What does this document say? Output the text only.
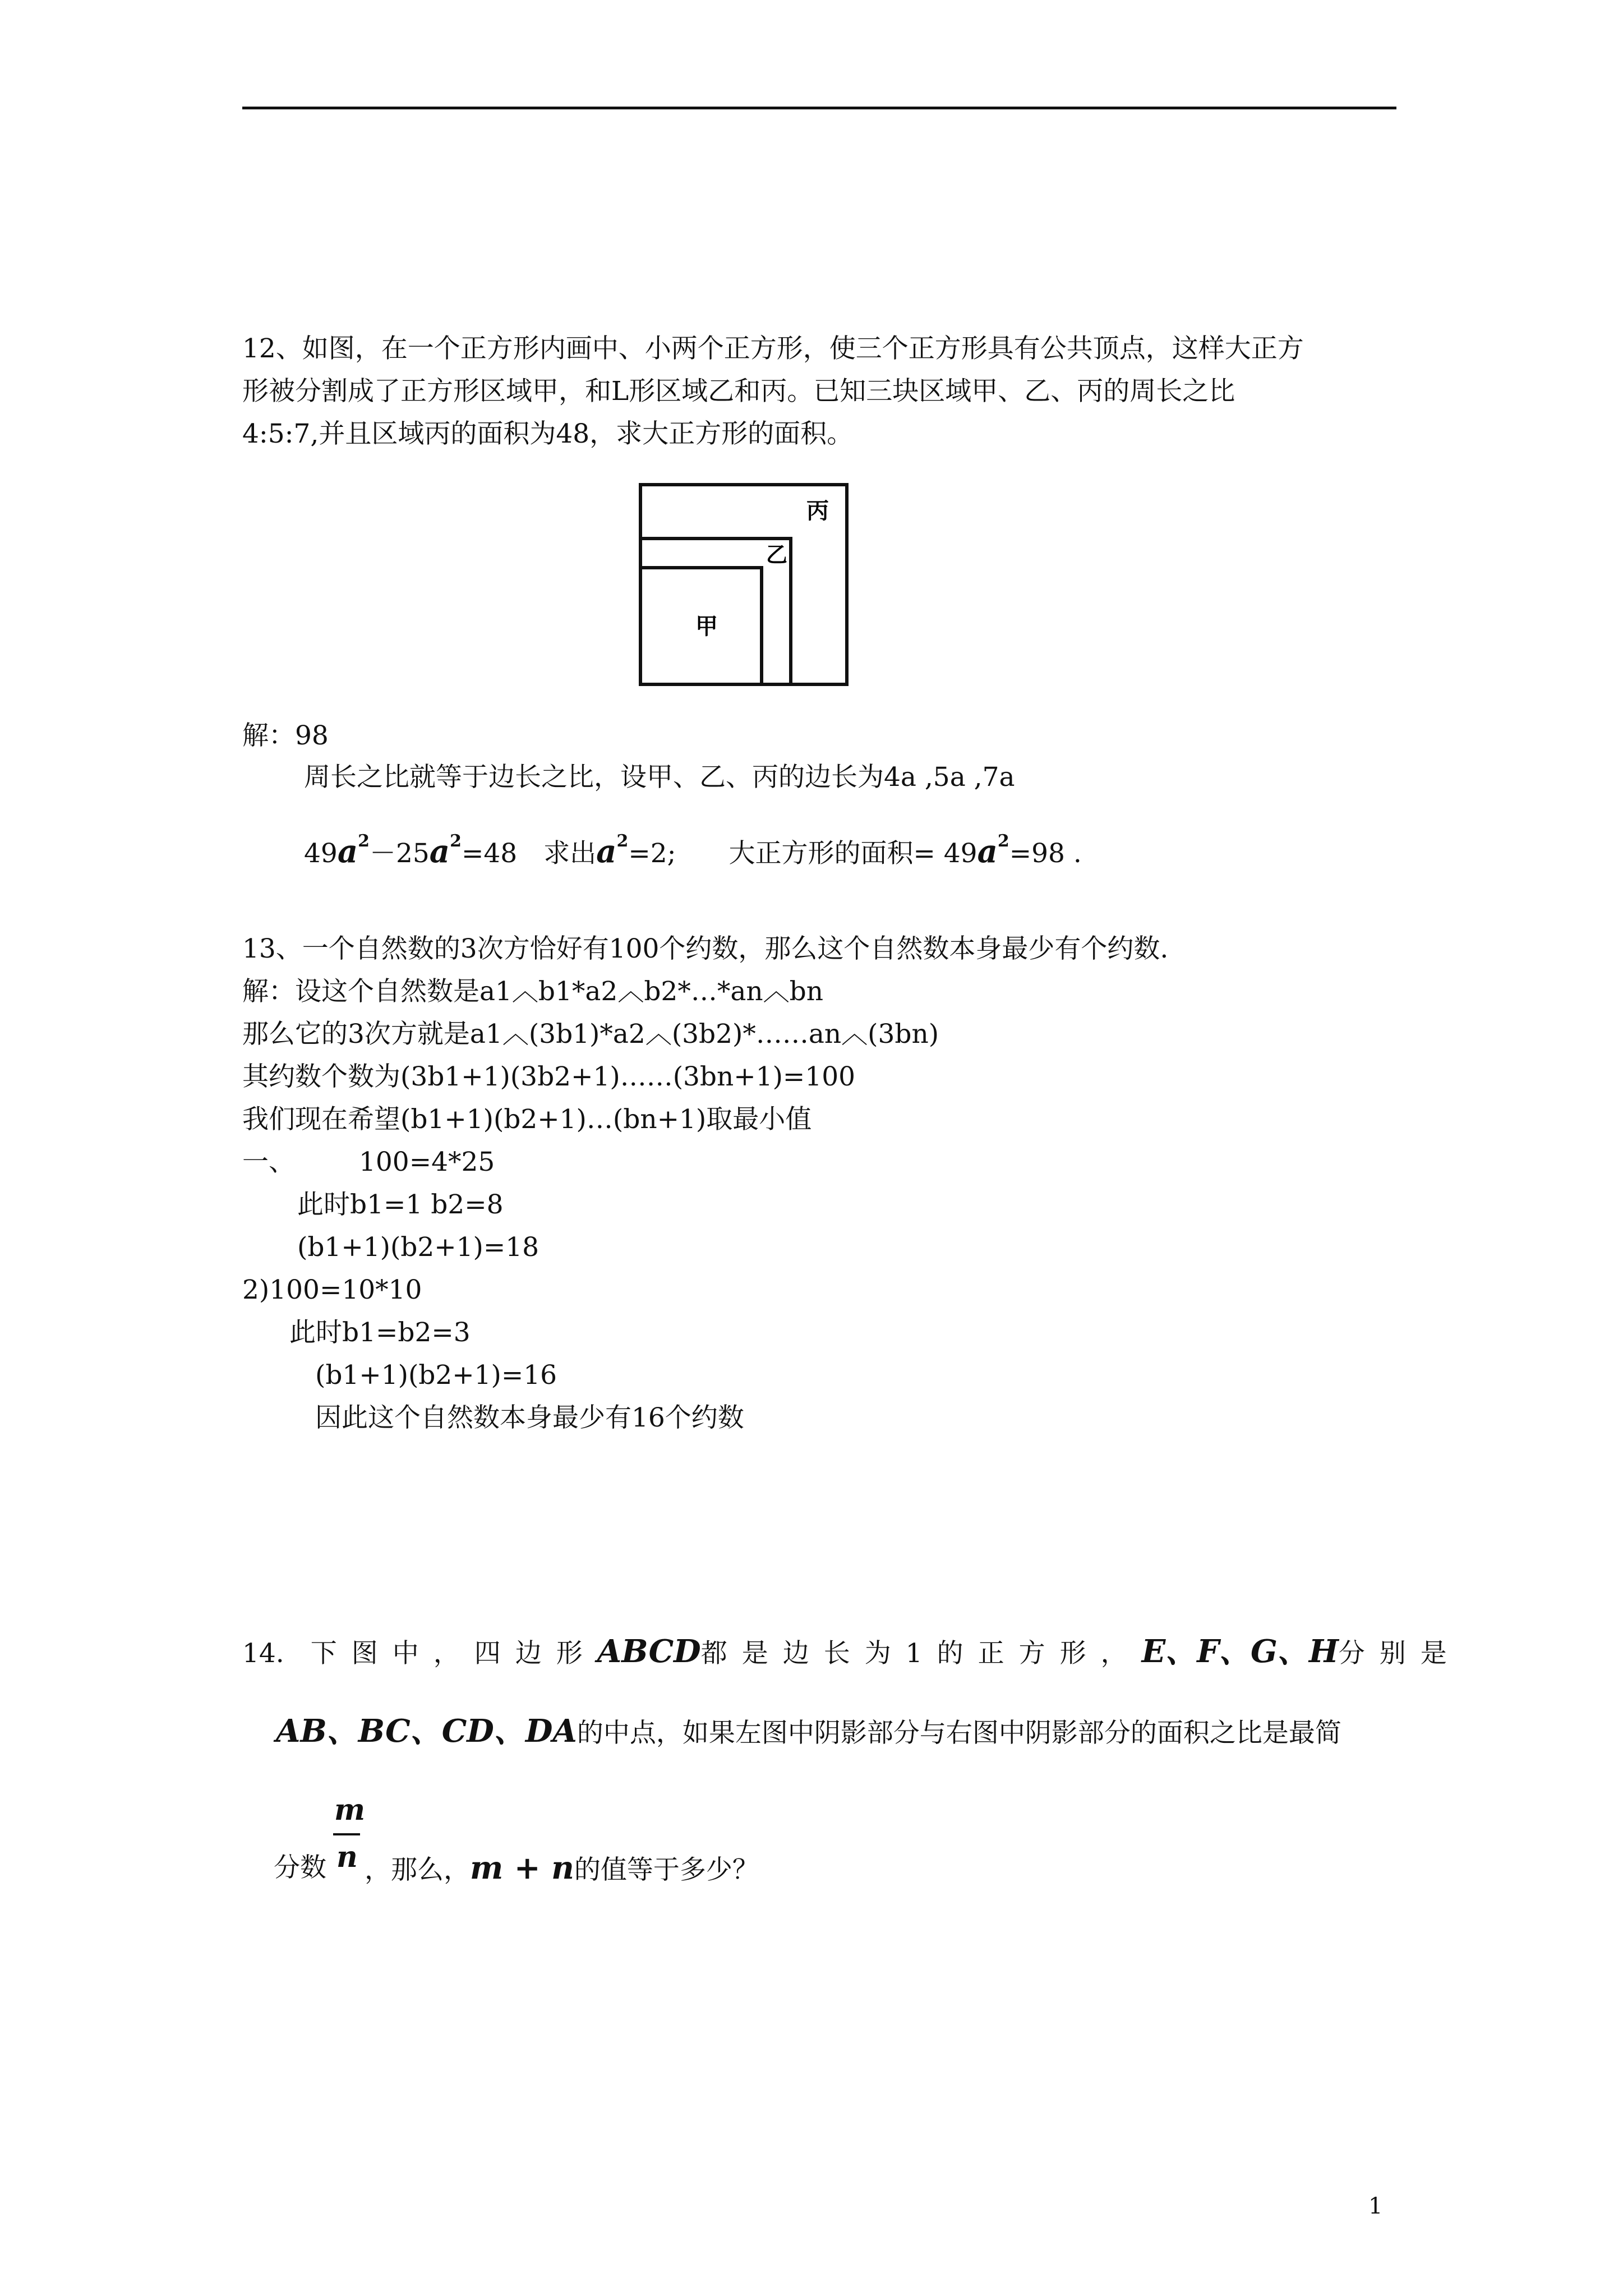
12、如图，在一个正方形内画中、小两个正方形，使三个正方形具有公共顶点，这样大正方
形被分割成了正方形区域甲，和L形区域乙和丙。已知三块区域甲、乙、丙的周长之比
4:5:7,并且区域丙的面积为48，求大正方形的面积。
丙
乙
甲
解：98
周长之比就等于边长之比，设甲、乙、丙的边长为4a ,5a ,7a
$49a^2-25a^2=48$　求出$a^2=2$;　　大正方形的面积= $49a^2=98$ .
13、一个自然数的3次方恰好有100个约数，那么这个自然数本身最少有个约数.
解：设这个自然数是a1︿b1*a2︿b2*…*an︿bn
那么它的3次方就是a1︿(3b1)*a2︿(3b2)*……an︿(3bn)
其约数个数为(3b1+1)(3b2+1)……(3bn+1)=100
我们现在希望(b1+1)(b2+1)…(bn+1)取最小值
一、 100=4*25
此时b1=1 b2=8
(b1+1)(b2+1)=18
2)100=10*10
此时b1=b2=3
(b1+1)(b2+1)=16
因此这个自然数本身最少有16个约数
14.　 下图中，四边形ABCD都是边长为1的正方形，E、F、G、H分别是
AB、BC、CD、DA的中点，如果左图中阴影部分与右图中阴影部分的面积之比是最简
m
n
分数 ，那么，m + n的值等于多少？
1
